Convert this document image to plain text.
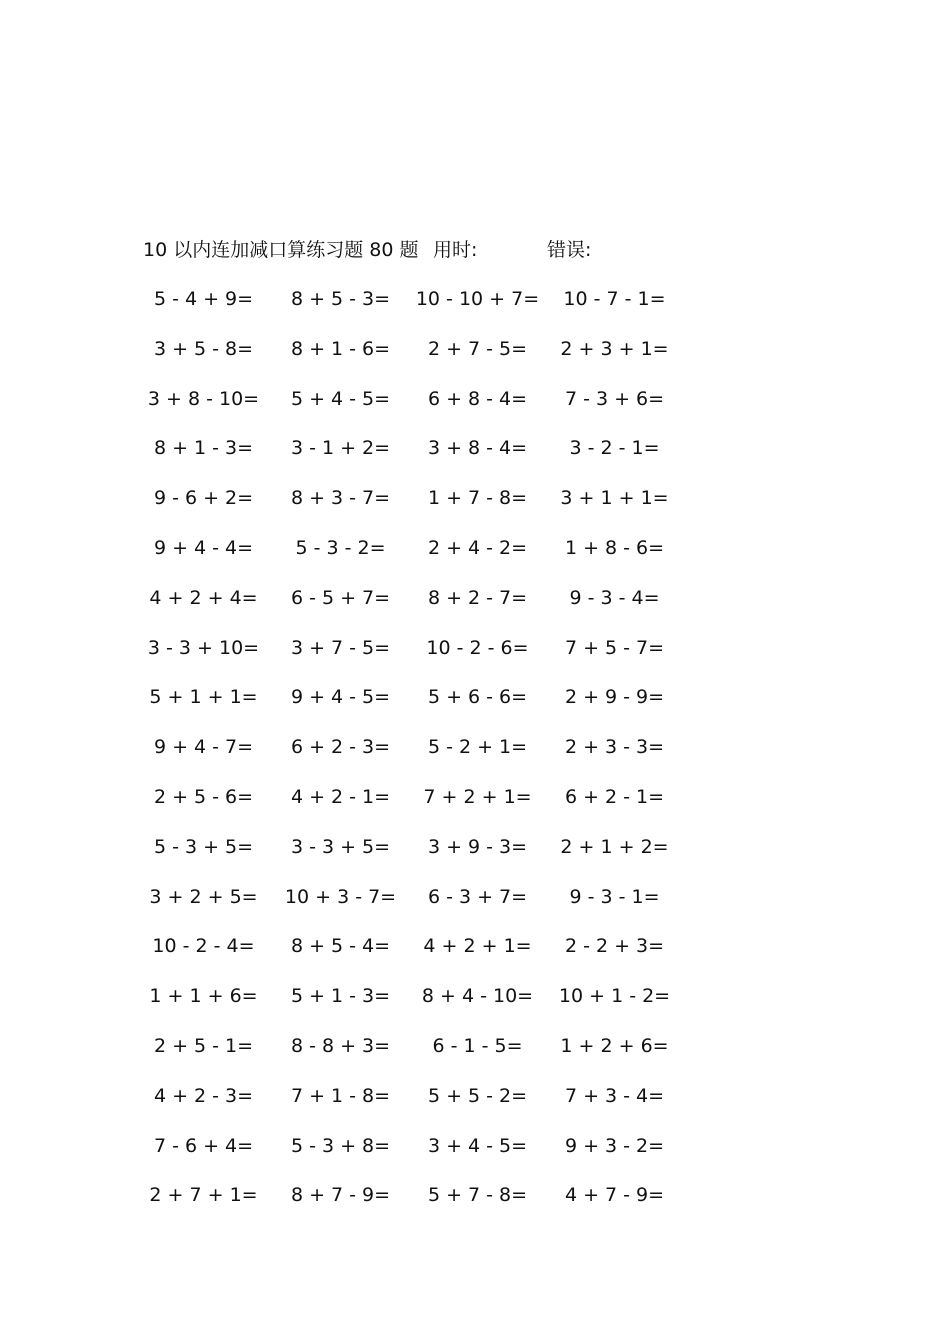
10 以内连加减口算练习题 80 题 用时:	错误:
5 - 4 + 9=	8 + 5 - 3=	10 - 10 + 7=	10 - 7 - 1=
3 + 5 - 8=	8 + 1 - 6=	2 + 7 - 5=	2 + 3 + 1=
3 + 8 - 10=	5 + 4 - 5=	6 + 8 - 4=	7 - 3 + 6=
8 + 1 - 3=	3 - 1 + 2=	3 + 8 - 4=	3 - 2 - 1=
9 - 6 + 2=	8 + 3 - 7=	1 + 7 - 8=	3 + 1 + 1=
9 + 4 - 4=	5 - 3 - 2=	2 + 4 - 2=	1 + 8 - 6=
4 + 2 + 4=	6 - 5 + 7=	8 + 2 - 7=	9 - 3 - 4=
3 - 3 + 10=	3 + 7 - 5=	10 - 2 - 6=	7 + 5 - 7=
5 + 1 + 1=	9 + 4 - 5=	5 + 6 - 6=	2 + 9 - 9=
9 + 4 - 7=	6 + 2 - 3=	5 - 2 + 1=	2 + 3 - 3=
2 + 5 - 6=	4 + 2 - 1=	7 + 2 + 1=	6 + 2 - 1=
5 - 3 + 5=	3 - 3 + 5=	3 + 9 - 3=	2 + 1 + 2=
3 + 2 + 5=	10 + 3 - 7=	6 - 3 + 7=	9 - 3 - 1=
10 - 2 - 4=	8 + 5 - 4=	4 + 2 + 1=	2 - 2 + 3=
1 + 1 + 6=	5 + 1 - 3=	8 + 4 - 10=	10 + 1 - 2=
2 + 5 - 1=	8 - 8 + 3=	6 - 1 - 5=	1 + 2 + 6=
4 + 2 - 3=	7 + 1 - 8=	5 + 5 - 2=	7 + 3 - 4=
7 - 6 + 4=	5 - 3 + 8=	3 + 4 - 5=	9 + 3 - 2=
2 + 7 + 1=	8 + 7 - 9=	5 + 7 - 8=	4 + 7 - 9=
